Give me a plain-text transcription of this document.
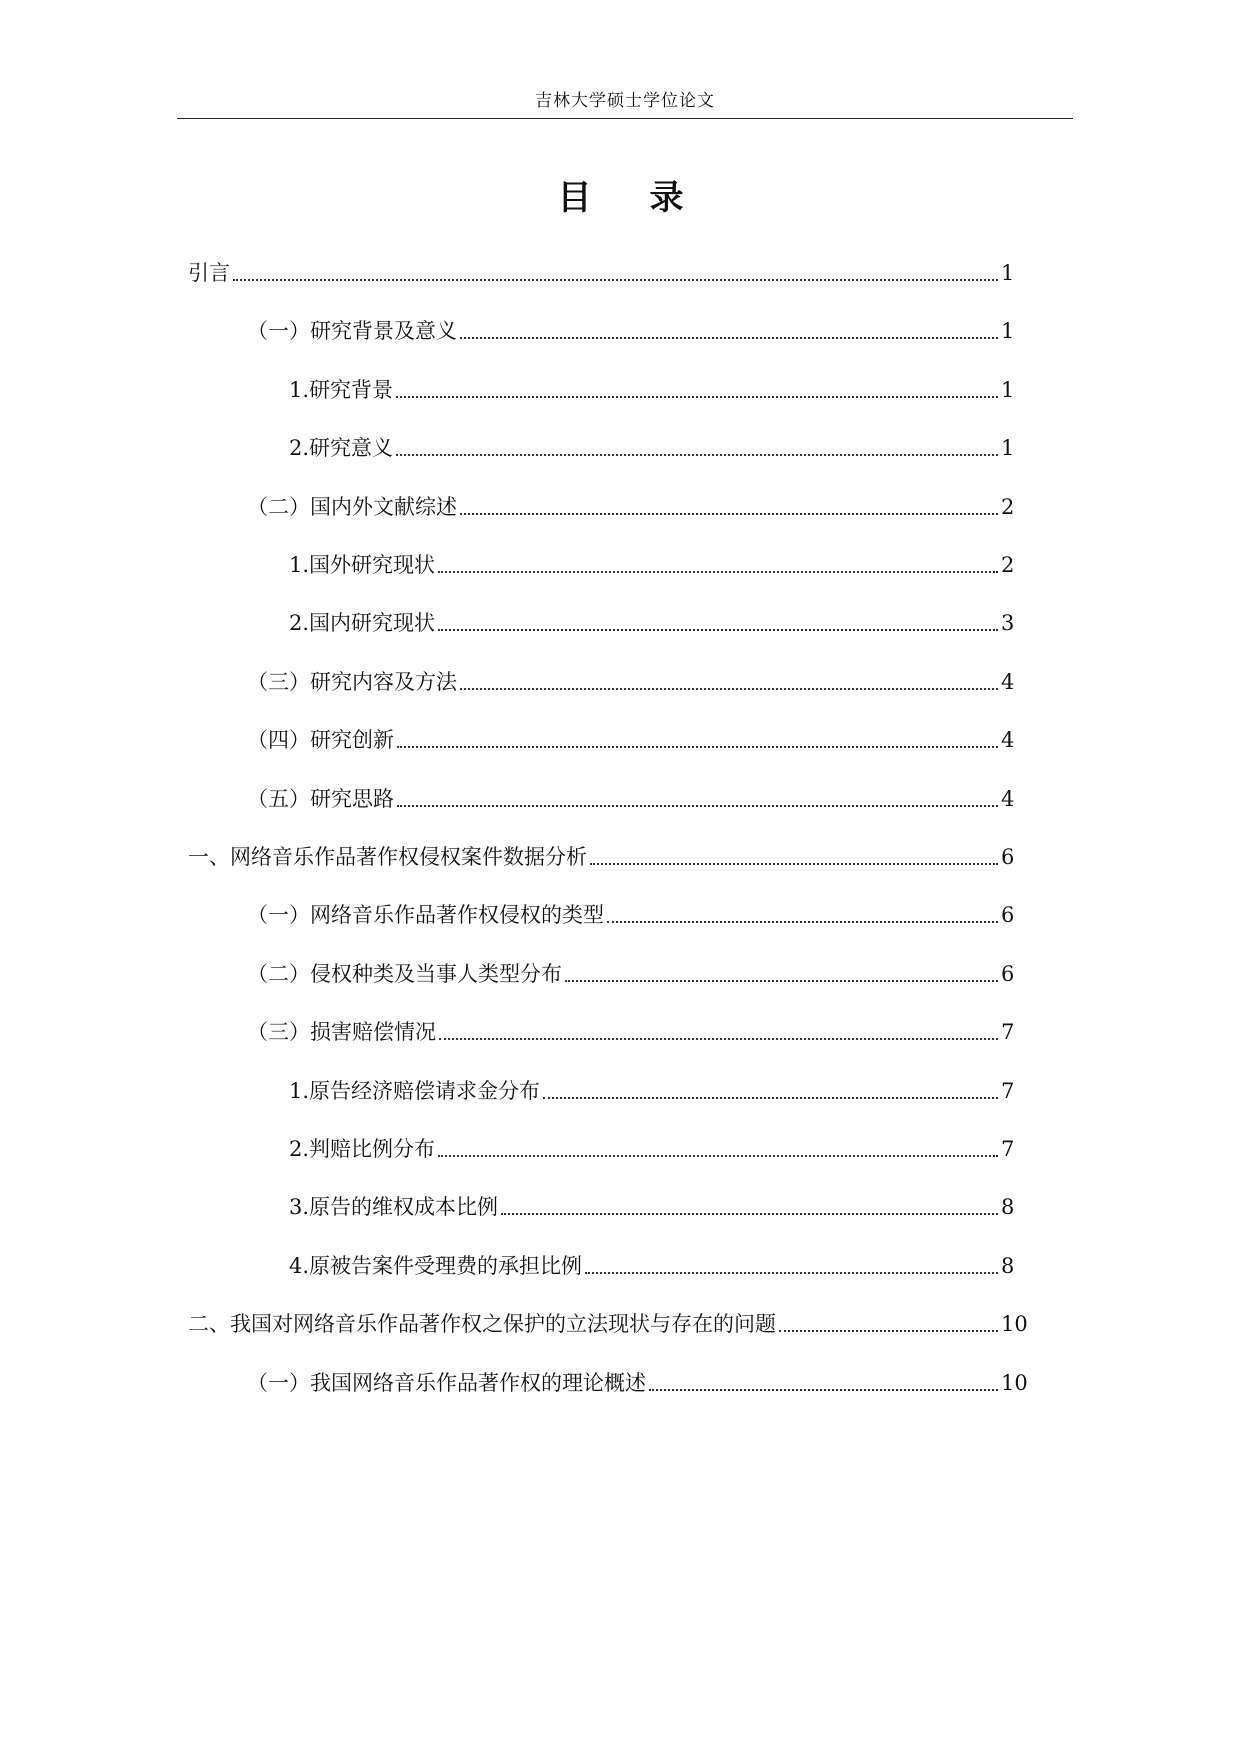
吉林大学硕士学位论文
目 录
引言	1
（一）研究背景及意义	1
1.研究背景	1
2.研究意义	1
（二）国内外文献综述	2
1.国外研究现状	2
2.国内研究现状	3
（三）研究内容及方法	4
（四）研究创新	4
（五）研究思路	4
一、网络音乐作品著作权侵权案件数据分析	6
（一）网络音乐作品著作权侵权的类型	6
（二）侵权种类及当事人类型分布	6
（三）损害赔偿情况	7
1.原告经济赔偿请求金分布	7
2.判赔比例分布	7
3.原告的维权成本比例	8
4.原被告案件受理费的承担比例	8
二、我国对网络音乐作品著作权之保护的立法现状与存在的问题	10
（一）我国网络音乐作品著作权的理论概述	10
